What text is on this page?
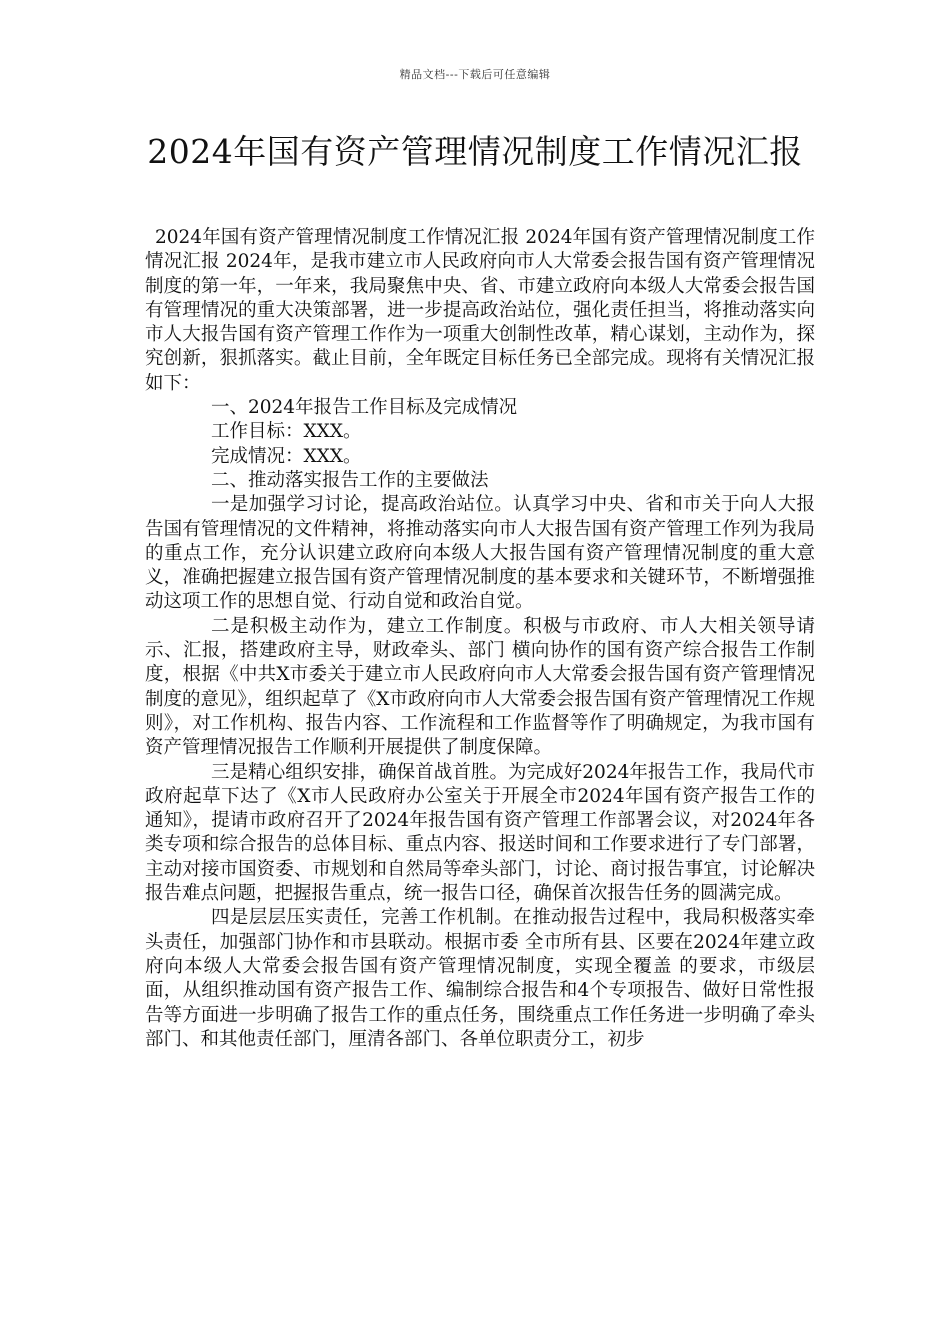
精品文档---下载后可任意编辑
2024年国有资产管理情况制度工作情况汇报

2024年国有资产管理情况制度工作情况汇报 2024年国有资产管理情况制度工作情况汇报 2024年，是我市建立市人民政府向市人大常委会报告国有资产管理情况制度的第一年，一年来，我局聚焦中央、省、市建立政府向本级人大常委会报告国有管理情况的重大决策部署，进一步提高政治站位，强化责任担当，将推动落实向市人大报告国有资产管理工作作为一项重大创制性改革，精心谋划，主动作为，探究创新，狠抓落实。截止目前，全年既定目标任务已全部完成。现将有关情况汇报如下：

一、2024年报告工作目标及完成情况

工作目标：XXX。

完成情况：XXX。

二、推动落实报告工作的主要做法

一是加强学习讨论，提高政治站位。认真学习中央、省和市关于向人大报告国有管理情况的文件精神，将推动落实向市人大报告国有资产管理工作列为我局的重点工作，充分认识建立政府向本级人大报告国有资产管理情况制度的重大意义，准确把握建立报告国有资产管理情况制度的基本要求和关键环节，不断增强推动这项工作的思想自觉、行动自觉和政治自觉。

二是积极主动作为，建立工作制度。积极与市政府、市人大相关领导请示、汇报，搭建政府主导，财政牵头、部门 横向协作的国有资产综合报告工作制度，根据《中共X市委关于建立市人民政府向市人大常委会报告国有资产管理情况制度的意见》，组织起草了《X市政府向市人大常委会报告国有资产管理情况工作规则》，对工作机构、报告内容、工作流程和工作监督等作了明确规定，为我市国有资产管理情况报告工作顺利开展提供了制度保障。

三是精心组织安排，确保首战首胜。为完成好2024年报告工作，我局代市政府起草下达了《X市人民政府办公室关于开展全市2024年国有资产报告工作的通知》，提请市政府召开了2024年报告国有资产管理工作部署会议，对2024年各类专项和综合报告的总体目标、重点内容、报送时间和工作要求进行了专门部署，主动对接市国资委、市规划和自然局等牵头部门，讨论、商讨报告事宜，讨论解决报告难点问题，把握报告重点，统一报告口径，确保首次报告任务的圆满完成。

四是层层压实责任，完善工作机制。在推动报告过程中，我局积极落实牵头责任，加强部门协作和市县联动。根据市委 全市所有县、区要在2024年建立政府向本级人大常委会报告国有资产管理情况制度，实现全覆盖 的要求，市级层面，从组织推动国有资产报告工作、编制综合报告和4个专项报告、做好日常性报告等方面进一步明确了报告工作的重点任务，围绕重点工作任务进一步明确了牵头部门、和其他责任部门，厘清各部门、各单位职责分工，初步
